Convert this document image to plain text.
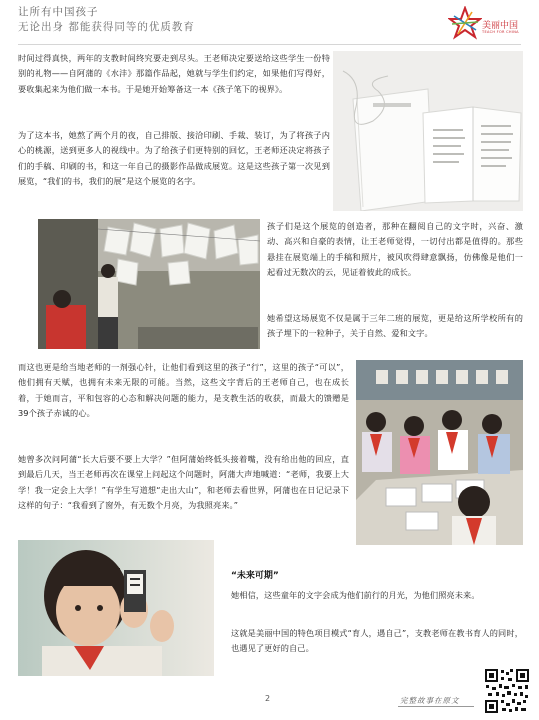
让所有中国孩子
无论出身 都能获得同等的优质教育	美丽中国
TEACH FOR CHINA

时间过得真快，两年的支教时间终究要走到尽头。王老师决定要送给这些学生一份特别的礼物——自阿蒲的《水沣》那篇作品起，她就与学生们约定，如果他们写得好，要收集起来为他们做一本书。于是她开始筹备这一本《孩子笔下的视界》。

为了这本书，她熬了两个月的夜，自己排版、接洽印刷、手裁、装订，为了将孩子内心的桃源，送到更多人的视线中。为了给孩子们更特别的回忆，王老师还决定将孩子们的手稿、印刷的书，和这一年自己的摄影作品做成展览。这是这些孩子第一次见到展览，“我们的书，我们的展”是这个展览的名字。

孩子们是这个展览的创造者，那种在翻阅自己的文字时，兴奋、激动、高兴和自豪的表情，让王老师觉得，一切付出都是值得的。那些悬挂在展览端上的手稿和照片，被风吹得肆意飘扬，仿佛像是他们一起看过无数次的云，见证着彼此的成长。

她希望这场展览不仅是属于三年二班的展览，更是给这所学校所有的孩子埋下的一粒种子，关于自然、爱和文字。

而这也更是给当地老师的一剂强心针，让他们看到这里的孩子“行”，这里的孩子“可以”，他们拥有天赋，也拥有未来无限的可能。当然，这些文字背后的王老师自己，也在成长着，于她而言，平和包容的心态和解决问题的能力，是支教生活的收获，而最大的馈赠是39个孩子赤诚的心。

她曾多次问阿蒲“长大后要不要上大学？”但阿蒲始终低头接着嘴，没有给出他的回应，直到最后几天，当王老师再次在课堂上问起这个问题时，阿蒲大声地喊道：“老师，我要上大学！我一定会上大学！”有学生写道想“走出大山”，和老师去看世界，阿蒲也在日记记录下这样的句子：“我看到了窗外，有无数个月亮，为我照亮来。”

“未来可期”

她相信，这些童年的文字会成为他们前行的月光，为他们照亮未来。

这就是美丽中国的特色项目模式“育人，遇自己”，支教老师在教书育人的同时，也遇见了更好的自己。

2	完整故事在原文
